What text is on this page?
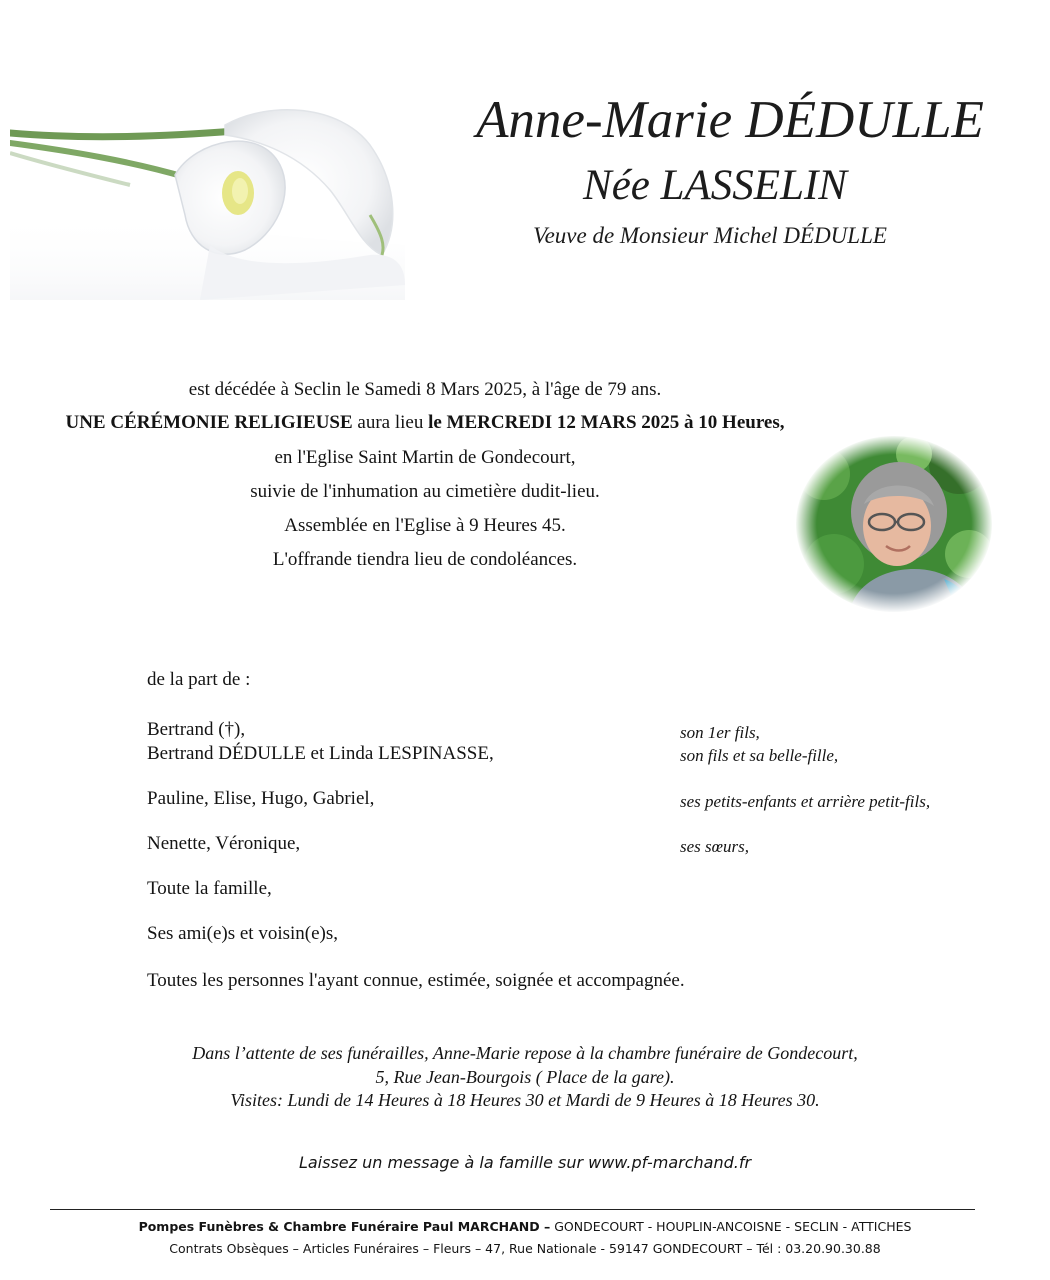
Anne-Marie DÉDULLE
Née LASSELIN
Veuve de Monsieur Michel DÉDULLE
est décédée à Seclin le Samedi 8 Mars 2025, à l'âge de 79 ans.
UNE CÉRÉMONIE RELIGIEUSE aura lieu le MERCREDI 12 MARS 2025 à 10 Heures,
en l'Eglise Saint Martin de Gondecourt,
suivie de l'inhumation au cimetière dudit-lieu.
Assemblée en l'Eglise à 9 Heures 45.
L'offrande tiendra lieu de condoléances.
de la part de :
Bertrand (†),	son 1er fils,
Bertrand DÉDULLE et Linda LESPINASSE,	son fils et sa belle-fille,
Pauline, Elise, Hugo, Gabriel,	ses petits-enfants et arrière petit-fils,
Nenette, Véronique,	ses sœurs,
Toute la famille,
Ses ami(e)s et voisin(e)s,
Toutes les personnes l'ayant connue, estimée, soignée et accompagnée.
Dans l’attente de ses funérailles, Anne-Marie repose à la chambre funéraire de Gondecourt,
5, Rue Jean-Bourgois ( Place de la gare).
Visites: Lundi de 14 Heures à 18 Heures 30 et Mardi de 9 Heures à 18 Heures 30.
Laissez un message à la famille sur www.pf-marchand.fr
Pompes Funèbres & Chambre Funéraire Paul MARCHAND – GONDECOURT - HOUPLIN-ANCOISNE - SECLIN - ATTICHES
Contrats Obsèques – Articles Funéraires – Fleurs – 47, Rue Nationale - 59147 GONDECOURT – Tél : 03.20.90.30.88
